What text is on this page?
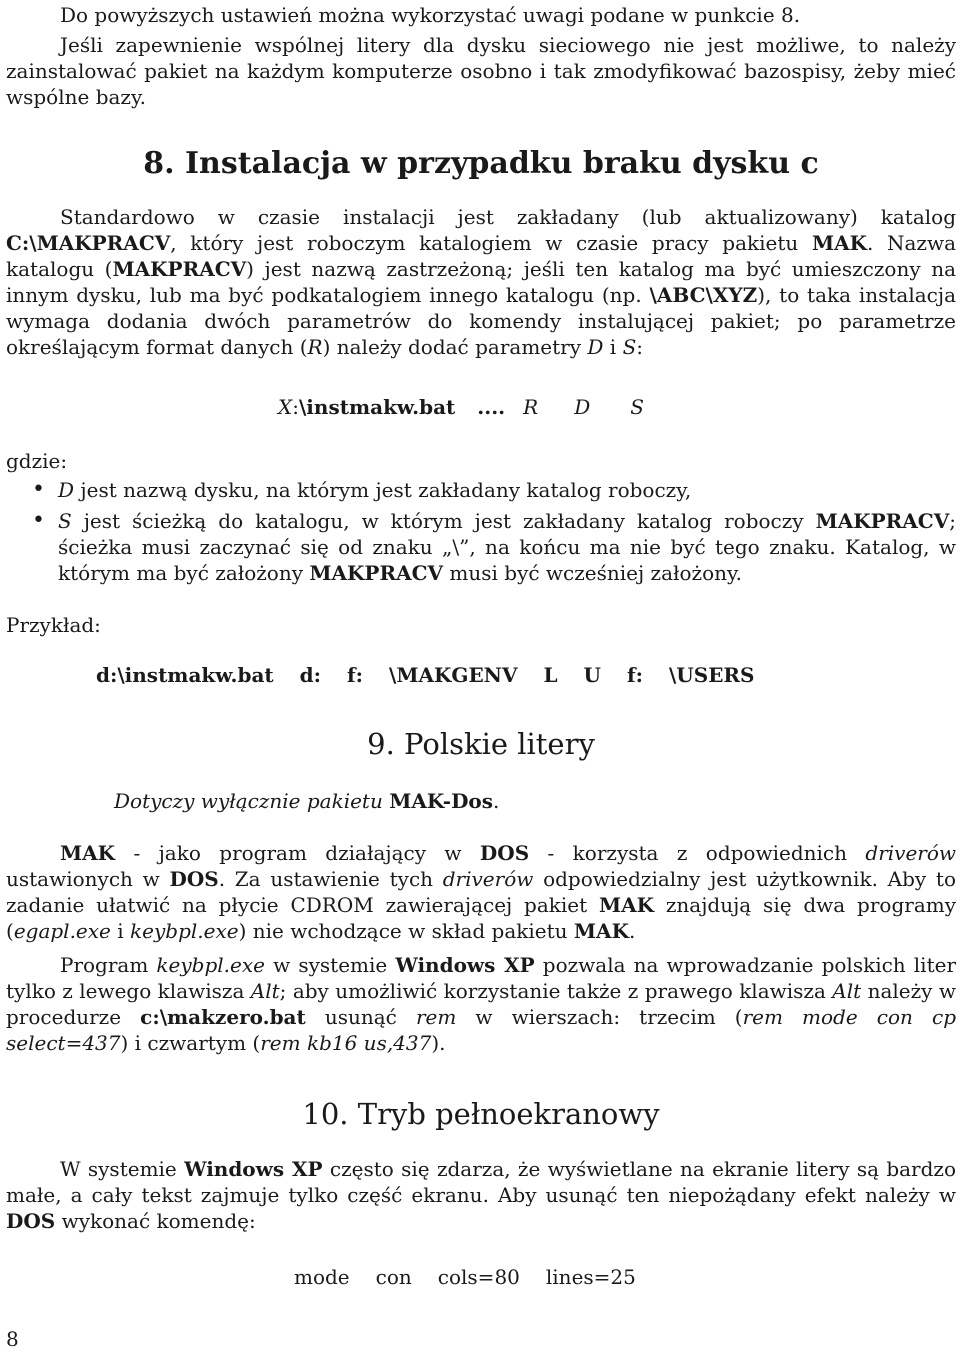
Do powyższych ustawień można wykorzystać uwagi podane w punkcie 8.

Jeśli zapewnienie wspólnej litery dla dysku sieciowego nie jest możliwe, to należy zainstalować pakiet na każdym komputerze osobno i tak zmodyfikować bazospisy, żeby mieć wspólne bazy.

8. Instalacja w przypadku braku dysku c

Standardowo w czasie instalacji jest zakładany (lub aktualizowany) katalog C:\MAKPRACV, który jest roboczym katalogiem w czasie pracy pakietu MAK. Nazwa katalogu (MAKPRACV) jest nazwą zastrzeżoną; jeśli ten katalog ma być umieszczony na innym dysku, lub ma być podkatalogiem innego katalogu (np. \ABC\XYZ), to taka instalacja wymaga dodania dwóch parametrów do komendy instalującej pakiet; po parametrze określającym format danych (R) należy dodać parametry D i S:

X:\instmakw.bat .... R D S

gdzie:

• D jest nazwą dysku, na którym jest zakładany katalog roboczy,
• S jest ścieżką do katalogu, w którym jest zakładany katalog roboczy MAKPRACV; ścieżka musi zaczynać się od znaku „\”, na końcu ma nie być tego znaku. Katalog, w którym ma być założony MAKPRACV musi być wcześniej założony.

Przykład:

d:\instmakw.bat d: f: \MAKGENV L U f: \USERS
9. Polskie litery

Dotyczy wyłącznie pakietu MAK-Dos.

MAK - jako program działający w DOS - korzysta z odpowiednich driverów ustawionych w DOS. Za ustawienie tych driverów odpowiedzialny jest użytkownik. Aby to zadanie ułatwić na płycie CDROM zawierającej pakiet MAK znajdują się dwa programy (egapl.exe i keybpl.exe) nie wchodzące w skład pakietu MAK.

Program keybpl.exe w systemie Windows XP pozwala na wprowadzanie polskich liter tylko z lewego klawisza Alt; aby umożliwić korzystanie także z prawego klawisza Alt należy w procedurze c:\makzero.bat usunąć rem w wierszach: trzecim (rem mode con cp select=437) i czwartym (rem kb16 us,437).

10. Tryb pełnoekranowy

W systemie Windows XP często się zdarza, że wyświetlane na ekranie litery są bardzo małe, a cały tekst zajmuje tylko część ekranu. Aby usunąć ten niepożądany efekt należy w DOS wykonać komendę:

mode con cols=80 lines=25
8
